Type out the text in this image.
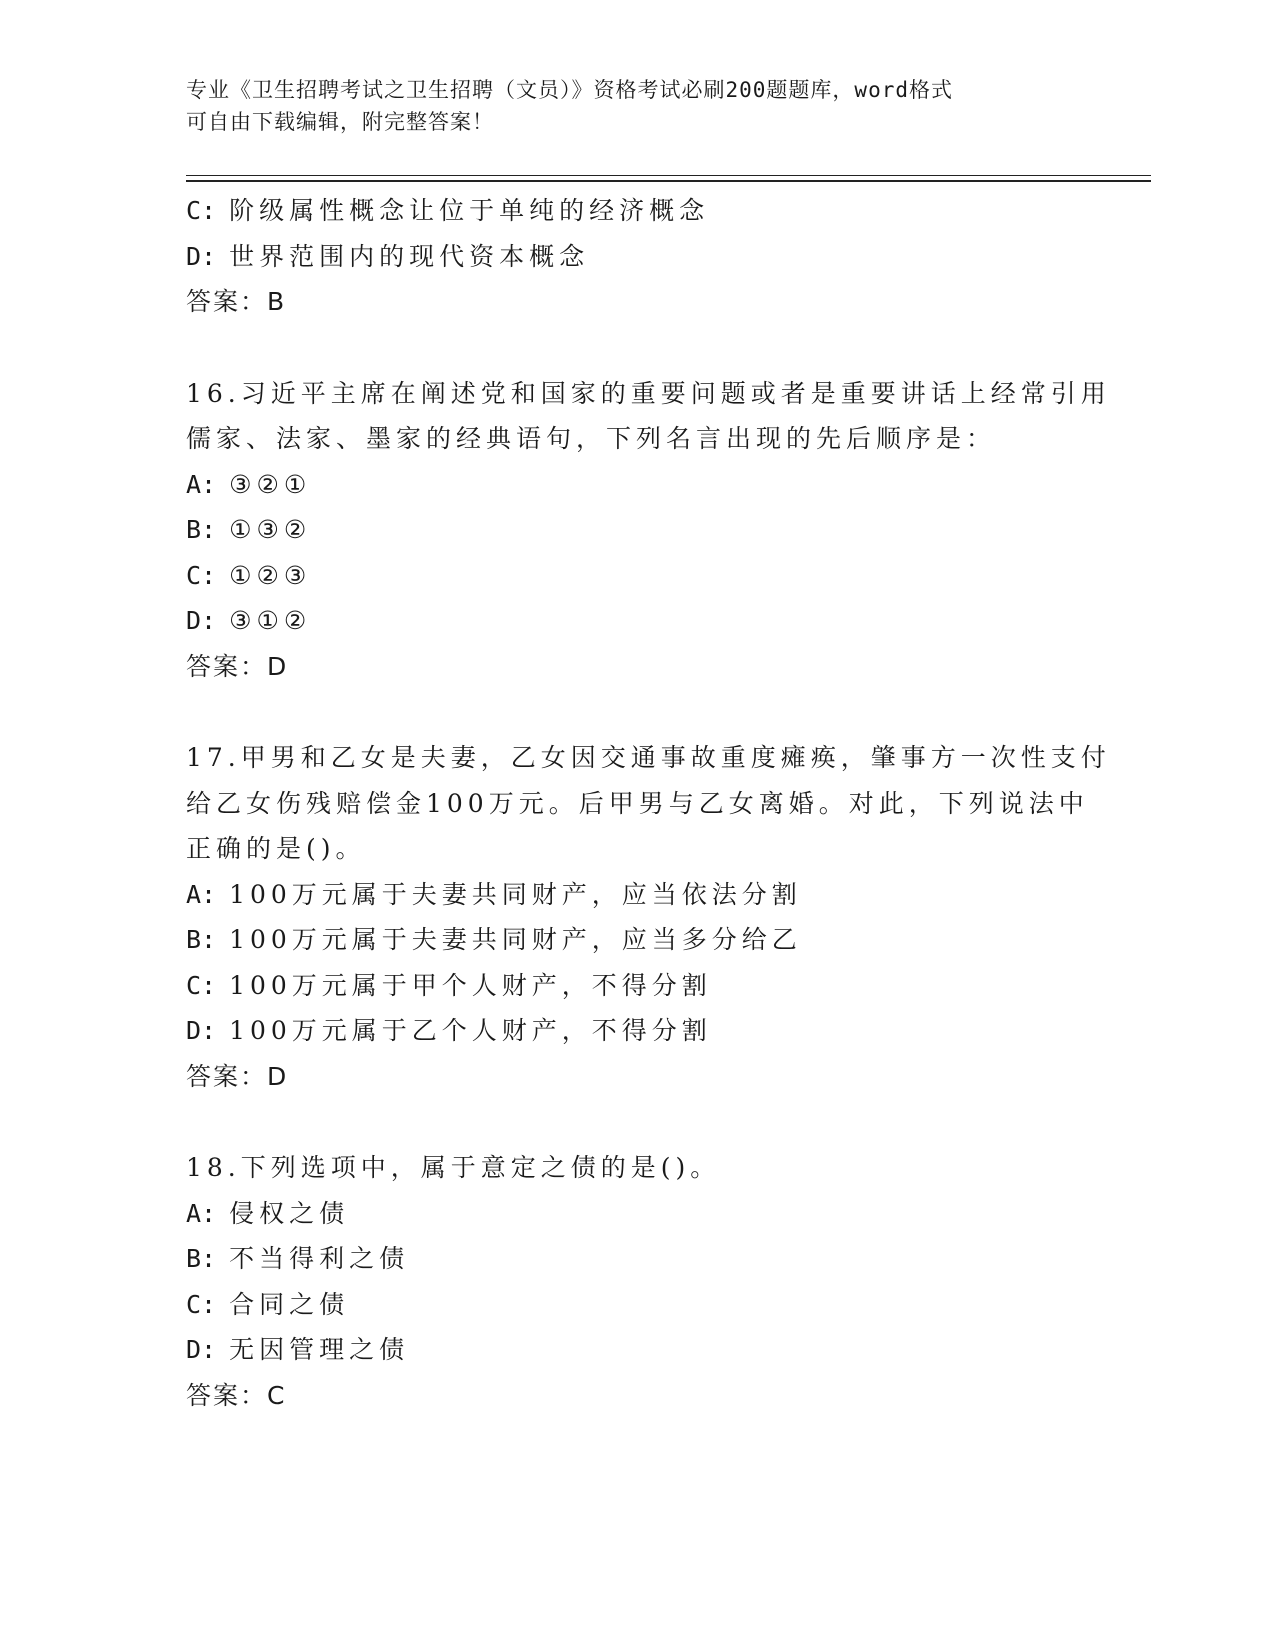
专业《卫生招聘考试之卫生招聘（文员）》资格考试必刷200题题库，word格式
可自由下载编辑，附完整答案！
C: 阶级属性概念让位于单纯的经济概念
D: 世界范围内的现代资本概念
答案：B
16.习近平主席在阐述党和国家的重要问题或者是重要讲话上经常引用
儒家、法家、墨家的经典语句，下列名言出现的先后顺序是：
A: ③②①
B: ①③②
C: ①②③
D: ③①②
答案：D
17.甲男和乙女是夫妻，乙女因交通事故重度瘫痪，肇事方一次性支付
给乙女伤残赔偿金100万元。后甲男与乙女离婚。对此，下列说法中
正确的是()。
A: 100万元属于夫妻共同财产，应当依法分割
B: 100万元属于夫妻共同财产，应当多分给乙
C: 100万元属于甲个人财产，不得分割
D: 100万元属于乙个人财产，不得分割
答案：D
18.下列选项中，属于意定之债的是()。
A: 侵权之债
B: 不当得利之债
C: 合同之债
D: 无因管理之债
答案：C
